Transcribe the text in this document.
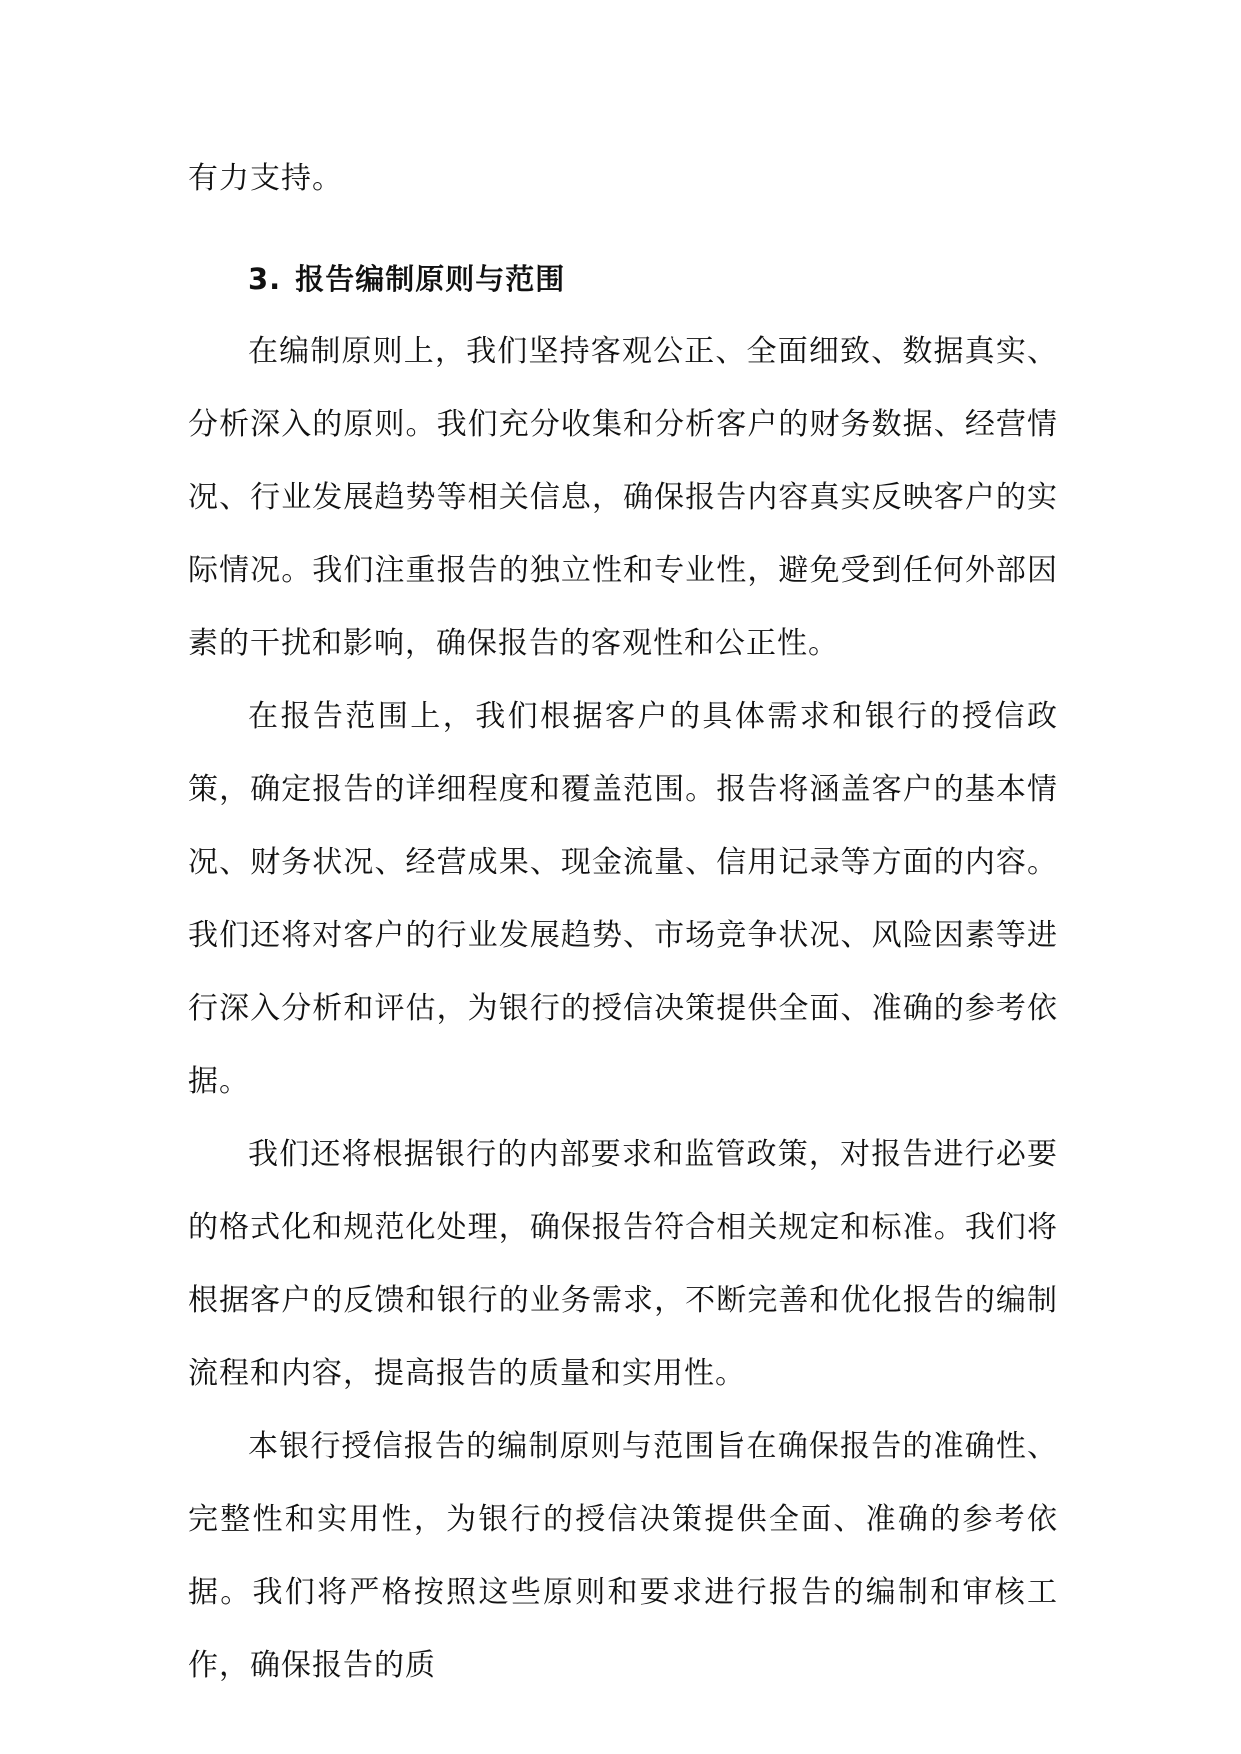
有力支持。

3. 报告编制原则与范围

在编制原则上，我们坚持客观公正、全面细致、数据真实、分析深入的原则。我们充分收集和分析客户的财务数据、经营情况、行业发展趋势等相关信息，确保报告内容真实反映客户的实际情况。我们注重报告的独立性和专业性，避免受到任何外部因素的干扰和影响，确保报告的客观性和公正性。

在报告范围上，我们根据客户的具体需求和银行的授信政策，确定报告的详细程度和覆盖范围。报告将涵盖客户的基本情况、财务状况、经营成果、现金流量、信用记录等方面的内容。我们还将对客户的行业发展趋势、市场竞争状况、风险因素等进行深入分析和评估，为银行的授信决策提供全面、准确的参考依据。

我们还将根据银行的内部要求和监管政策，对报告进行必要的格式化和规范化处理，确保报告符合相关规定和标准。我们将根据客户的反馈和银行的业务需求，不断完善和优化报告的编制流程和内容，提高报告的质量和实用性。

本银行授信报告的编制原则与范围旨在确保报告的准确性、完整性和实用性，为银行的授信决策提供全面、准确的参考依据。我们将严格按照这些原则和要求进行报告的编制和审核工作，确保报告的质
